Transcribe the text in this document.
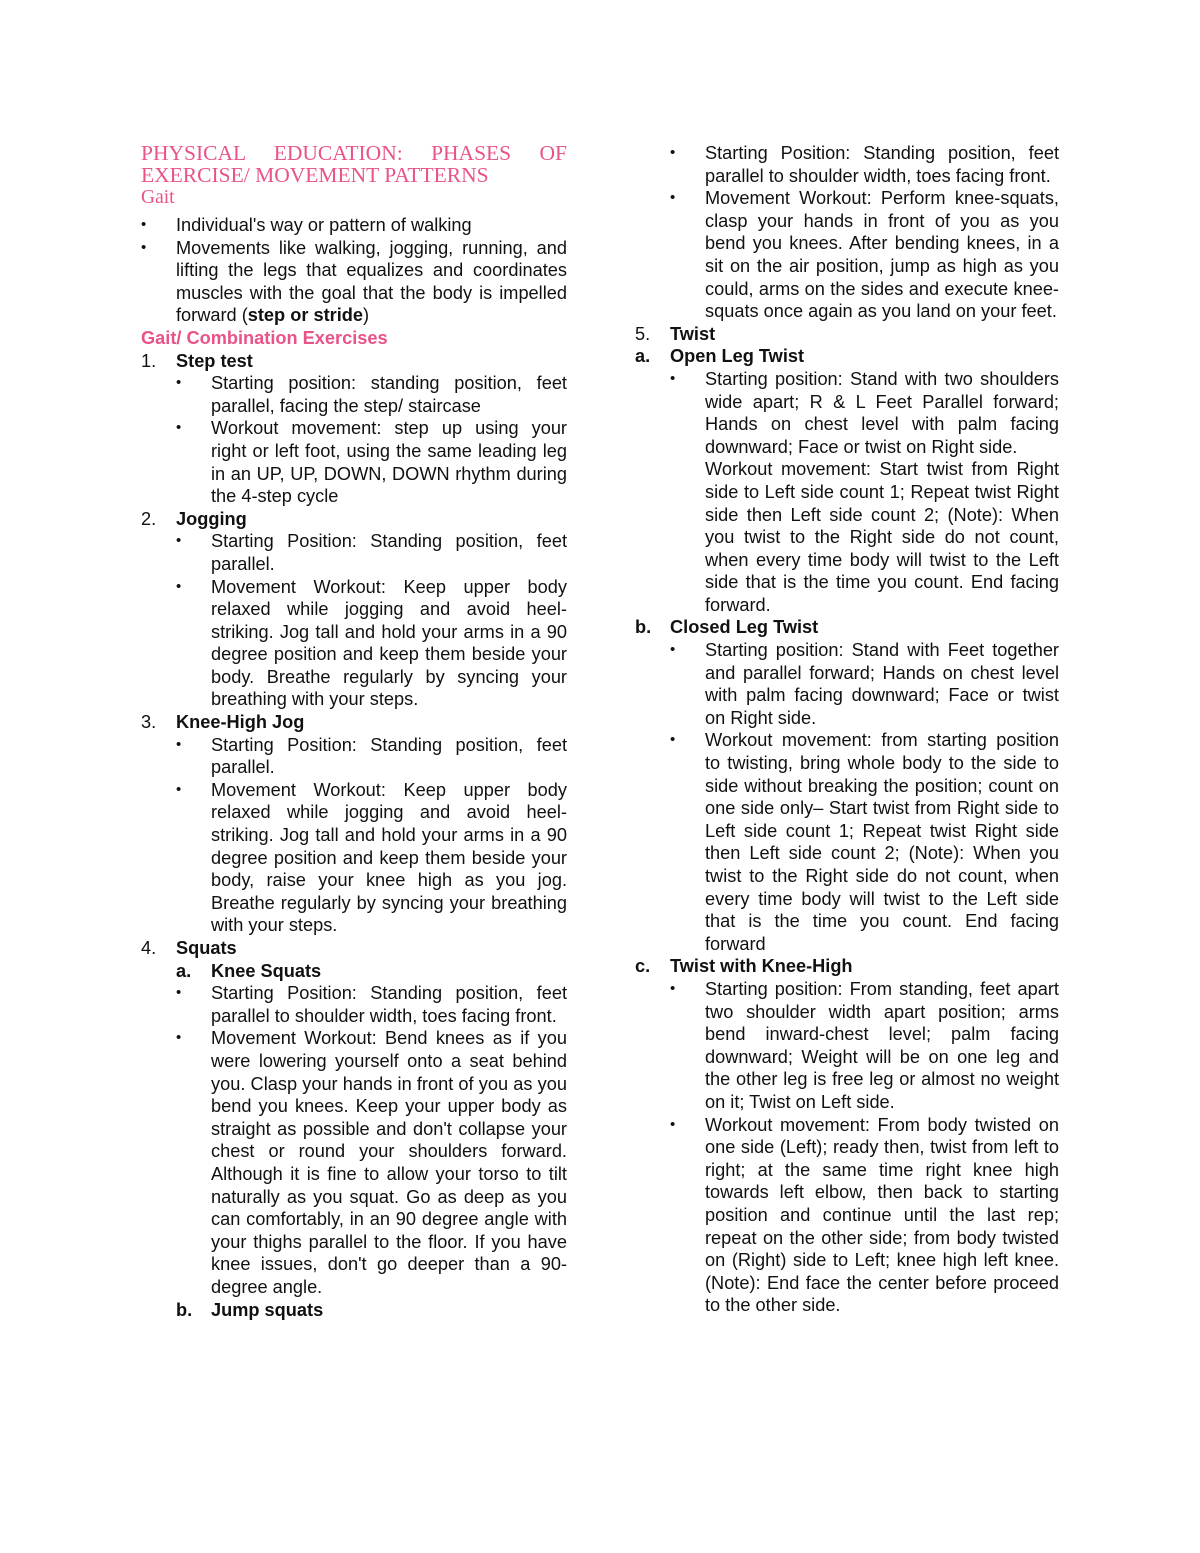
PHYSICAL EDUCATION: PHASES OF EXERCISE/ MOVEMENT PATTERNS
Gait
• Individual's way or pattern of walking
• Movements like walking, jogging, running, and lifting the legs that equalizes and coordinates muscles with the goal that the body is impelled forward (step or stride)
Gait/ Combination Exercises
1. Step test
• Starting position: standing position, feet parallel, facing the step/ staircase
• Workout movement: step up using your right or left foot, using the same leading leg in an UP, UP, DOWN, DOWN rhythm during the 4-step cycle
2. Jogging
• Starting Position: Standing position, feet parallel.
• Movement Workout: Keep upper body relaxed while jogging and avoid heel-striking. Jog tall and hold your arms in a 90 degree position and keep them beside your body. Breathe regularly by syncing your breathing with your steps.
3. Knee-High Jog
• Starting Position: Standing position, feet parallel.
• Movement Workout: Keep upper body relaxed while jogging and avoid heel-striking. Jog tall and hold your arms in a 90 degree position and keep them beside your body, raise your knee high as you jog. Breathe regularly by syncing your breathing with your steps.
4. Squats
a. Knee Squats
• Starting Position: Standing position, feet parallel to shoulder width, toes facing front.
• Movement Workout: Bend knees as if you were lowering yourself onto a seat behind you. Clasp your hands in front of you as you bend you knees. Keep your upper body as straight as possible and don't collapse your chest or round your shoulders forward. Although it is fine to allow your torso to tilt naturally as you squat. Go as deep as you can comfortably, in an 90 degree angle with your thighs parallel to the floor. If you have knee issues, don't go deeper than a 90-degree angle.
b. Jump squats
• Starting Position: Standing position, feet parallel to shoulder width, toes facing front.
• Movement Workout: Perform knee-squats, clasp your hands in front of you as you bend you knees. After bending knees, in a sit on the air position, jump as high as you could, arms on the sides and execute knee-squats once again as you land on your feet.
5. Twist
a. Open Leg Twist
• Starting position: Stand with two shoulders wide apart; R & L Feet Parallel forward; Hands on chest level with palm facing downward; Face or twist on Right side.
Workout movement: Start twist from Right side to Left side count 1; Repeat twist Right side then Left side count 2; (Note): When you twist to the Right side do not count, when every time body will twist to the Left side that is the time you count. End facing forward.
b. Closed Leg Twist
• Starting position: Stand with Feet together and parallel forward; Hands on chest level with palm facing downward; Face or twist on Right side.
• Workout movement: from starting position to twisting, bring whole body to the side to side without breaking the position; count on one side only– Start twist from Right side to Left side count 1; Repeat twist Right side then Left side count 2; (Note): When you twist to the Right side do not count, when every time body will twist to the Left side that is the time you count. End facing forward
c. Twist with Knee-High
• Starting position: From standing, feet apart two shoulder width apart position; arms bend inward-chest level; palm facing downward; Weight will be on one leg and the other leg is free leg or almost no weight on it; Twist on Left side.
• Workout movement: From body twisted on one side (Left); ready then, twist from left to right; at the same time right knee high towards left elbow, then back to starting position and continue until the last rep; repeat on the other side; from body twisted on (Right) side to Left; knee high left knee. (Note): End face the center before proceed to the other side.
